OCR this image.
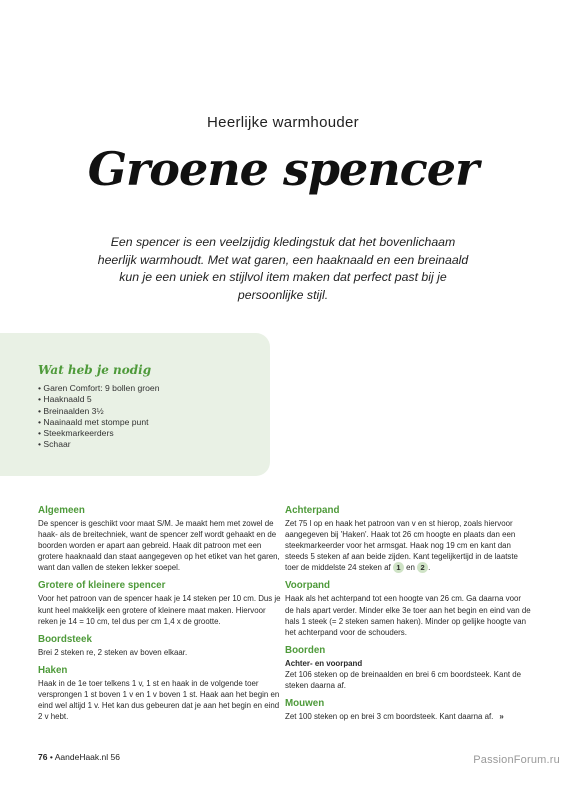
Heerlijke warmhouder
Groene spencer
Een spencer is een veelzijdig kledingstuk dat het bovenlichaam heerlijk warmhoudt. Met wat garen, een haaknaald en een breinaald kun je een uniek en stijlvol item maken dat perfect past bij je persoonlijke stijl.
Wat heb je nodig
• Garen Comfort: 9 bollen groen
• Haaknaald 5
• Breinaalden 3½
• Naainaald met stompe punt
• Steekmarkeerders
• Schaar
Algemeen

De spencer is geschikt voor maat S/M. Je maakt hem met zowel de haak- als de breitechniek, want de spencer zelf wordt gehaakt en de boorden worden er apart aan gebreid. Haak dit patroon met een grotere haaknaald dan staat aangegeven op het etiket van het garen, want dan vallen de steken lekker soepel.

Grotere of kleinere spencer

Voor het patroon van de spencer haak je 14 steken per 10 cm. Dus je kunt heel makkelijk een grotere of kleinere maat maken. Hiervoor reken je 14 = 10 cm, tel dus per cm 1,4 x de grootte.

Boordsteek

Brei 2 steken re, 2 steken av boven elkaar.

Haken

Haak in de 1e toer telkens 1 v, 1 st en haak in de volgende toer versprongen 1 st boven 1 v en 1 v boven 1 st. Haak aan het begin en eind wel altijd 1 v. Het kan dus gebeuren dat je aan het begin en eind 2 v hebt.

Achterpand

Zet 75 l op en haak het patroon van v en st hierop, zoals hiervoor aangegeven bij 'Haken'. Haak tot 26 cm hoogte en plaats dan een steekmarkeerder voor het armsgat. Haak nog 19 cm en kant dan steeds 5 steken af aan beide zijden. Kant tegelijkertijd in de laatste toer de middelste 24 steken af 1 en 2 .

Voorpand

Haak als het achterpand tot een hoogte van 26 cm. Ga daarna voor de hals apart verder. Minder elke 3e toer aan het begin en eind van de hals 1 steek (= 2 steken samen haken). Minder op gelijke hoogte van het achterpand voor de schouders.

Boorden
Achter- en voorpand

Zet 106 steken op de breinaalden en brei 6 cm boordsteek. Kant de steken daarna af.

Mouwen

Zet 100 steken op en brei 3 cm boordsteek. Kant daarna af. »

76 • AandeHaak.nl 56	PassionForum.ru
